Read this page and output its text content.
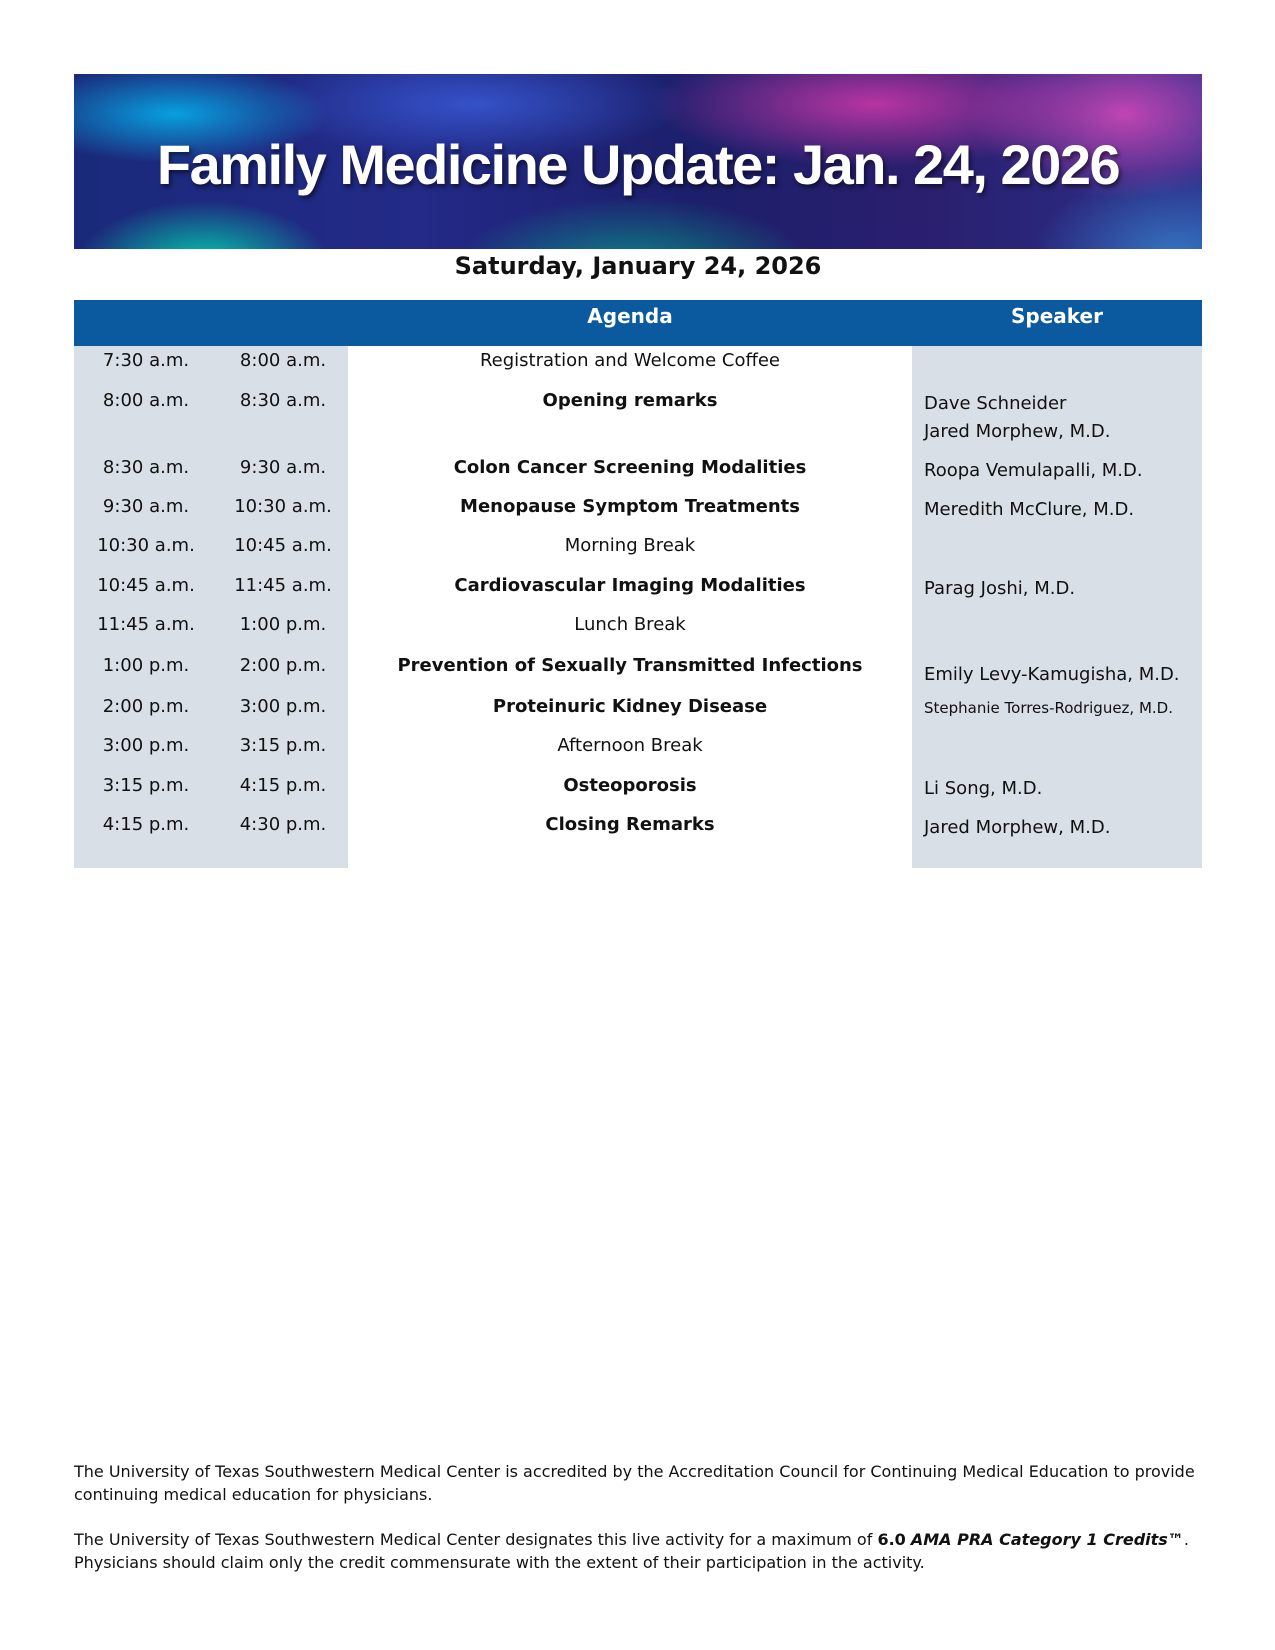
Family Medicine Update: Jan. 24, 2026
Saturday, January 24, 2026
Agenda	Speaker
7:30 a.m.	8:00 a.m.	Registration and Welcome Coffee
8:00 a.m.	8:30 a.m.	Opening remarks	Dave Schneider
Jared Morphew, M.D.
8:30 a.m.	9:30 a.m.	Colon Cancer Screening Modalities	Roopa Vemulapalli, M.D.
9:30 a.m.	10:30 a.m.	Menopause Symptom Treatments	Meredith McClure, M.D.
10:30 a.m.	10:45 a.m.	Morning Break
10:45 a.m.	11:45 a.m.	Cardiovascular Imaging Modalities	Parag Joshi, M.D.
11:45 a.m.	1:00 p.m.	Lunch Break
1:00 p.m.	2:00 p.m.	Prevention of Sexually Transmitted Infections	Emily Levy-Kamugisha, M.D.
2:00 p.m.	3:00 p.m.	Proteinuric Kidney Disease	Stephanie Torres-Rodriguez, M.D.
3:00 p.m.	3:15 p.m.	Afternoon Break
3:15 p.m.	4:15 p.m.	Osteoporosis	Li Song, M.D.
4:15 p.m.	4:30 p.m.	Closing Remarks	Jared Morphew, M.D.
The University of Texas Southwestern Medical Center is accredited by the Accreditation Council for Continuing Medical Education to provide continuing medical education for physicians.
The University of Texas Southwestern Medical Center designates this live activity for a maximum of 6.0 AMA PRA Category 1 Credits™. Physicians should claim only the credit commensurate with the extent of their participation in the activity.
